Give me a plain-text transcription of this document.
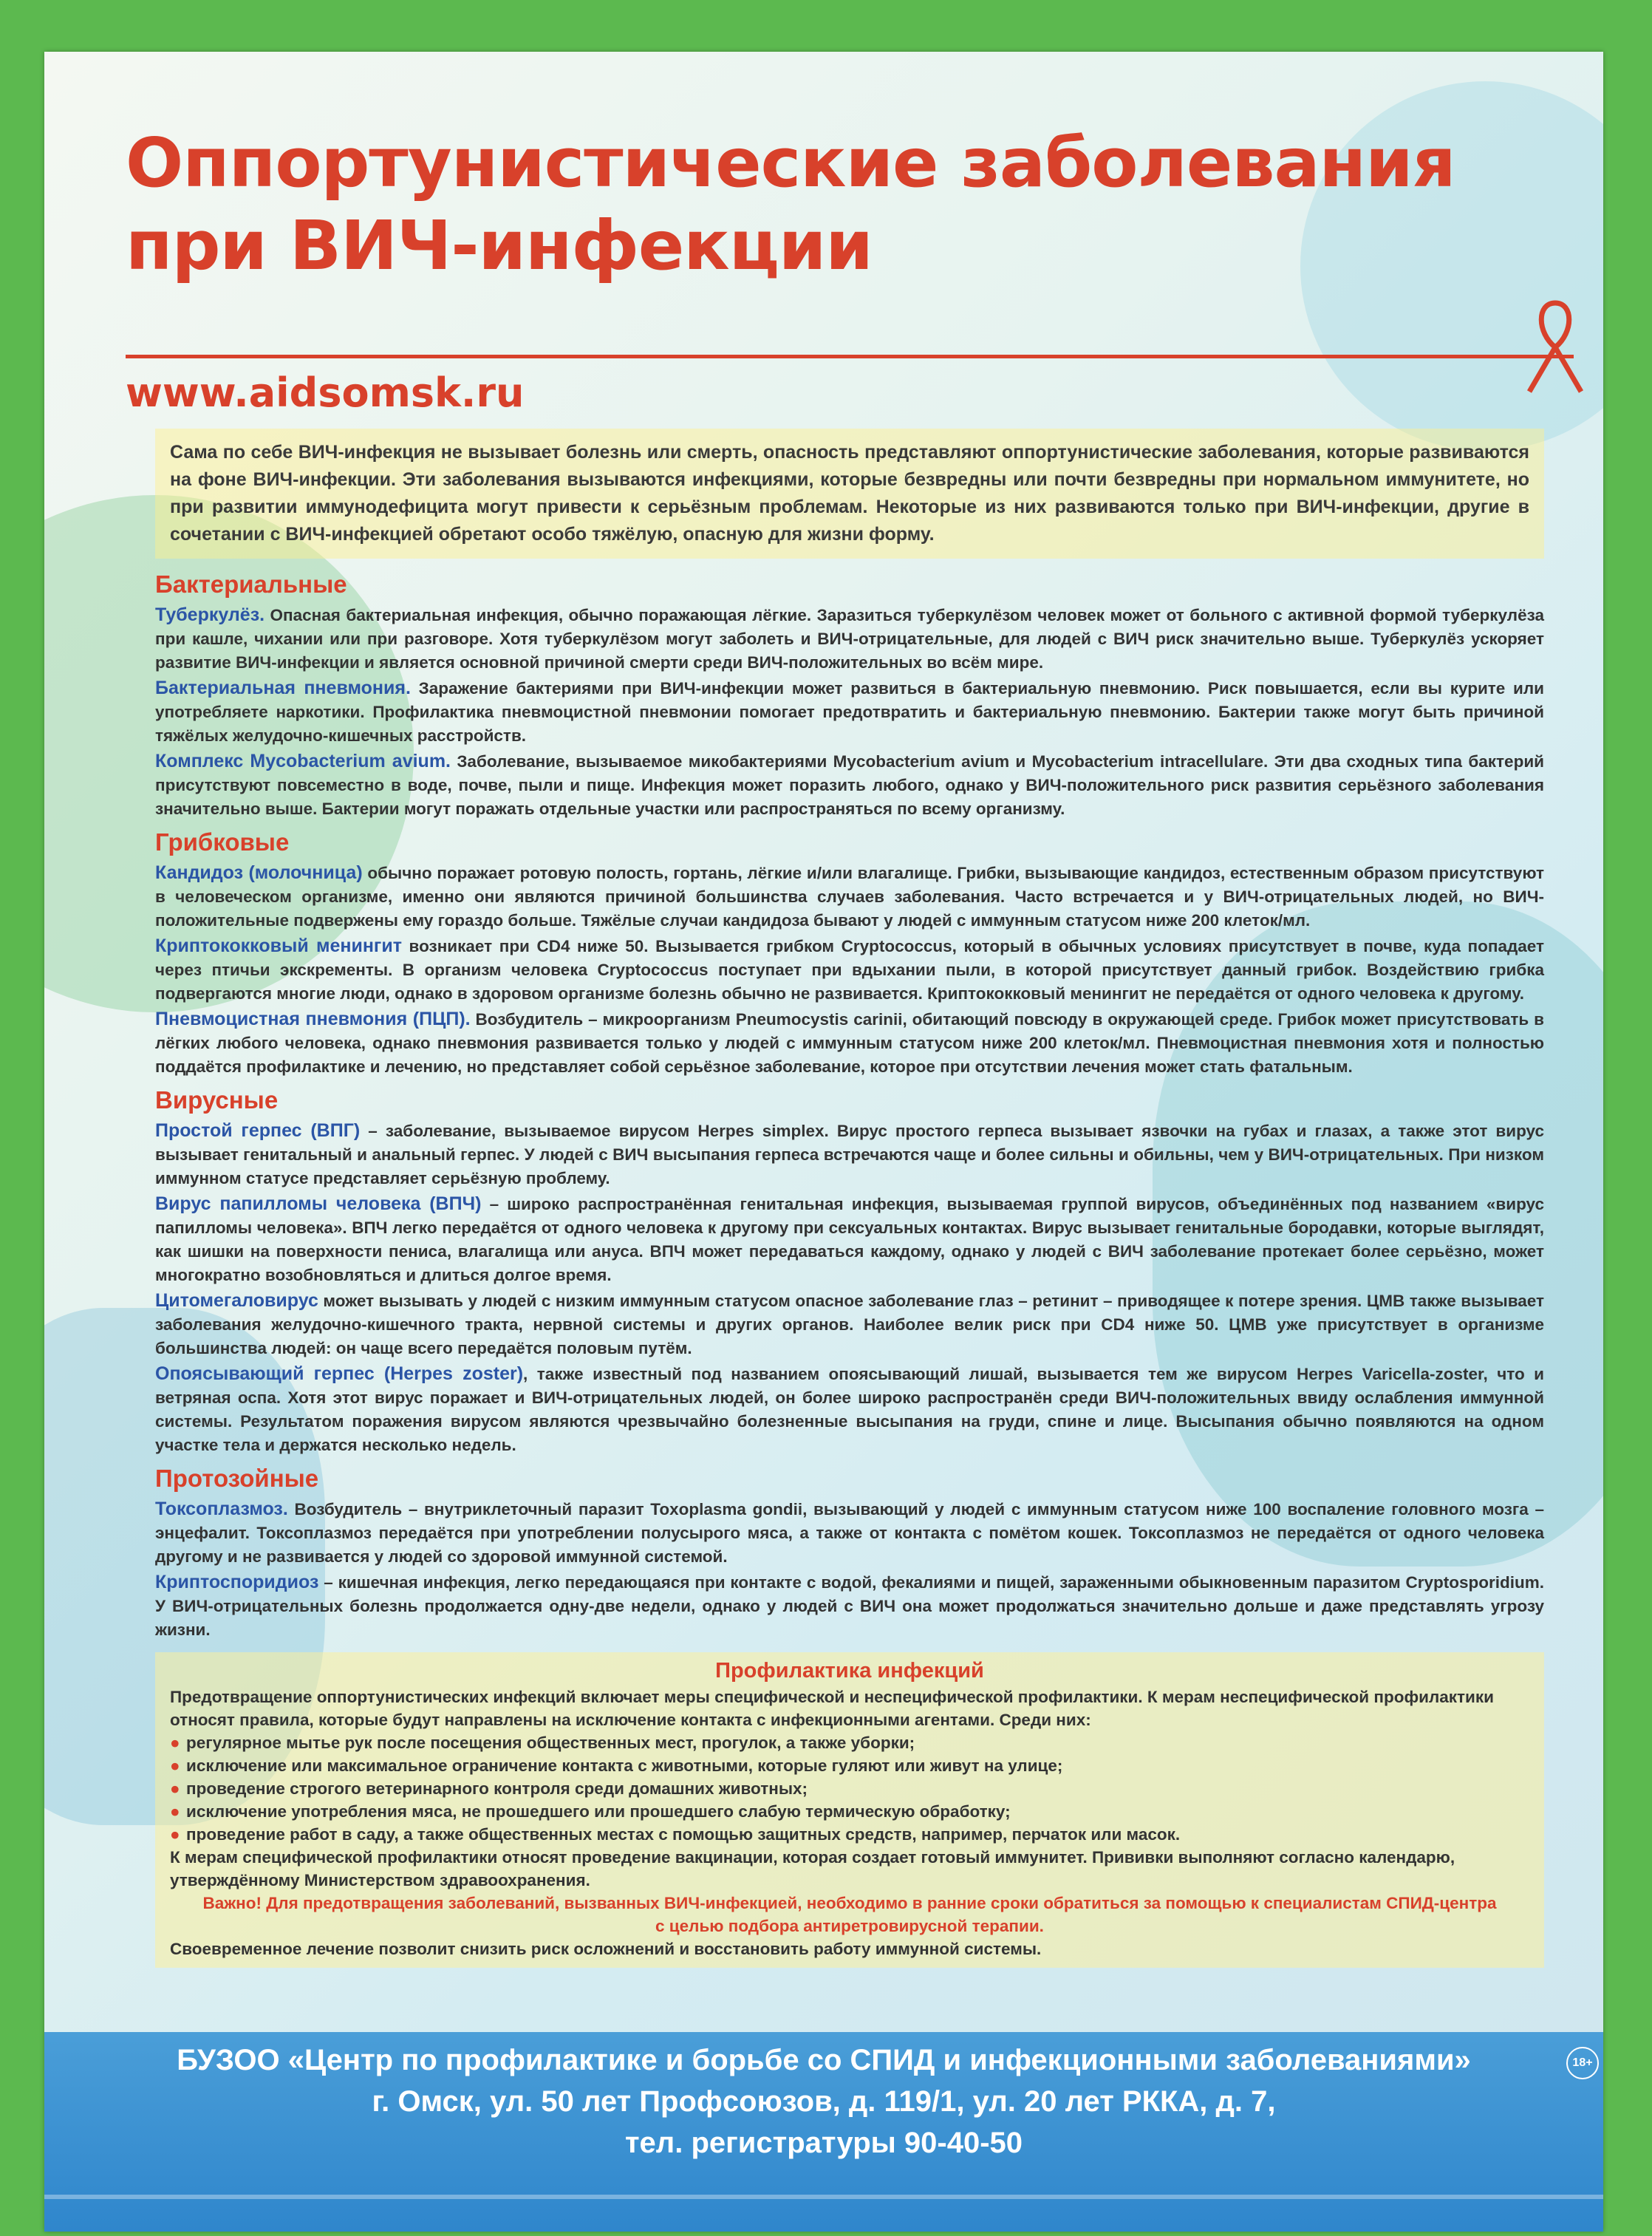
Оппортунистические заболевания
при ВИЧ-инфекции
www.aidsomsk.ru
Сама по себе ВИЧ-инфекция не вызывает болезнь или смерть, опасность представляют оппортунистические заболевания, которые развиваются на фоне ВИЧ-инфекции. Эти заболевания вызываются инфекциями, которые безвредны или почти безвредны при нормальном иммунитете, но при развитии иммунодефицита могут привести к серьёзным проблемам. Некоторые из них развиваются только при ВИЧ-инфекции, другие в сочетании с ВИЧ-инфекцией обретают особо тяжёлую, опасную для жизни форму.
Бактериальные

Туберкулёз. Опасная бактериальная инфекция, обычно поражающая лёгкие. Заразиться туберкулёзом человек может от больного с активной формой туберкулёза при кашле, чихании или при разговоре. Хотя туберкулёзом могут заболеть и ВИЧ-отрицательные, для людей с ВИЧ риск значительно выше. Туберкулёз ускоряет развитие ВИЧ-инфекции и является основной причиной смерти среди ВИЧ-положительных во всём мире.

Бактериальная пневмония. Заражение бактериями при ВИЧ-инфекции может развиться в бактериальную пневмонию. Риск повышается, если вы курите или употребляете наркотики. Профилактика пневмоцистной пневмонии помогает предотвратить и бактериальную пневмонию. Бактерии также могут быть причиной тяжёлых желудочно-кишечных расстройств.

Комплекс Mycobacterium avium. Заболевание, вызываемое микобактериями Mycobacterium avium и Mycobacterium intracellulare. Эти два сходных типа бактерий присутствуют повсеместно в воде, почве, пыли и пище. Инфекция может поразить любого, однако у ВИЧ-положительного риск развития серьёзного заболевания значительно выше. Бактерии могут поражать отдельные участки или распространяться по всему организму.

Грибковые

Кандидоз (молочница) обычно поражает ротовую полость, гортань, лёгкие и/или влагалище. Грибки, вызывающие кандидоз, естественным образом присутствуют в человеческом организме, именно они являются причиной большинства случаев заболевания. Часто встречается и у ВИЧ-отрицательных людей, но ВИЧ-положительные подвержены ему гораздо больше. Тяжёлые случаи кандидоза бывают у людей с иммунным статусом ниже 200 клеток/мл.

Криптококковый менингит возникает при CD4 ниже 50. Вызывается грибком Cryptococcus, который в обычных условиях присутствует в почве, куда попадает через птичьи экскременты. В организм человека Cryptococcus поступает при вдыхании пыли, в которой присутствует данный грибок. Воздействию грибка подвергаются многие люди, однако в здоровом организме болезнь обычно не развивается. Криптококковый менингит не передаётся от одного человека к другому.

Пневмоцистная пневмония (ПЦП). Возбудитель – микроорганизм Pneumocystis carinii, обитающий повсюду в окружающей среде. Грибок может присутствовать в лёгких любого человека, однако пневмония развивается только у людей с иммунным статусом ниже 200 клеток/мл. Пневмоцистная пневмония хотя и полностью поддаётся профилактике и лечению, но представляет собой серьёзное заболевание, которое при отсутствии лечения может стать фатальным.

Вирусные

Простой герпес (ВПГ) – заболевание, вызываемое вирусом Herpes simplex. Вирус простого герпеса вызывает язвочки на губах и глазах, а также этот вирус вызывает генитальный и анальный герпес. У людей с ВИЧ высыпания герпеса встречаются чаще и более сильны и обильны, чем у ВИЧ-отрицательных. При низком иммунном статусе представляет серьёзную проблему.

Вирус папилломы человека (ВПЧ) – широко распространённая генитальная инфекция, вызываемая группой вирусов, объединённых под названием «вирус папилломы человека». ВПЧ легко передаётся от одного человека к другому при сексуальных контактах. Вирус вызывает генитальные бородавки, которые выглядят, как шишки на поверхности пениса, влагалища или ануса. ВПЧ может передаваться каждому, однако у людей с ВИЧ заболевание протекает более серьёзно, может многократно возобновляться и длиться долгое время.

Цитомегаловирус может вызывать у людей с низким иммунным статусом опасное заболевание глаз – ретинит – приводящее к потере зрения. ЦМВ также вызывает заболевания желудочно-кишечного тракта, нервной системы и других органов. Наиболее велик риск при CD4 ниже 50. ЦМВ уже присутствует в организме большинства людей: он чаще всего передаётся половым путём.

Опоясывающий герпес (Herpes zoster), также известный под названием опоясывающий лишай, вызывается тем же вирусом Herpes Varicella-zoster, что и ветряная оспа. Хотя этот вирус поражает и ВИЧ-отрицательных людей, он более широко распространён среди ВИЧ-положительных ввиду ослабления иммунной системы. Результатом поражения вирусом являются чрезвычайно болезненные высыпания на груди, спине и лице. Высыпания обычно появляются на одном участке тела и держатся несколько недель.

Протозойные

Токсоплазмоз. Возбудитель – внутриклеточный паразит Toxoplasma gondii, вызывающий у людей с иммунным статусом ниже 100 воспаление головного мозга – энцефалит. Токсоплазмоз передаётся при употреблении полусырого мяса, а также от контакта с помётом кошек. Токсоплазмоз не передаётся от одного человека другому и не развивается у людей со здоровой иммунной системой.

Криптоспоридиоз – кишечная инфекция, легко передающаяся при контакте с водой, фекалиями и пищей, зараженными обыкновенным паразитом Cryptosporidium. У ВИЧ-отрицательных болезнь продолжается одну-две недели, однако у людей с ВИЧ она может продолжаться значительно дольше и даже представлять угрозу жизни.

Профилактика инфекций
Предотвращение оппортунистических инфекций включает меры специфической и неспецифической профилактики. К мерам неспецифической профилактики относят правила, которые будут направлены на исключение контакта с инфекционными агентами. Среди них:
● регулярное мытье рук после посещения общественных мест, прогулок, а также уборки;
● исключение или максимальное ограничение контакта с животными, которые гуляют или живут на улице;
● проведение строгого ветеринарного контроля среди домашних животных;
● исключение употребления мяса, не прошедшего или прошедшего слабую термическую обработку;
● проведение работ в саду, а также общественных местах с помощью защитных средств, например, перчаток или масок.
К мерам специфической профилактики относят проведение вакцинации, которая создает готовый иммунитет. Прививки выполняют согласно календарю, утверждённому Министерством здравоохранения.
Важно! Для предотвращения заболеваний, вызванных ВИЧ-инфекцией, необходимо в ранние сроки обратиться за помощью к специалистам СПИД-центра с целью подбора антиретровирусной терапии.
Своевременное лечение позволит снизить риск осложнений и восстановить работу иммунной системы.
БУЗОО «Центр по профилактике и борьбе со СПИД и инфекционными заболеваниями»
г. Омск, ул. 50 лет Профсоюзов, д. 119/1, ул. 20 лет РККА, д. 7,
тел. регистратуры 90-40-50
18+
